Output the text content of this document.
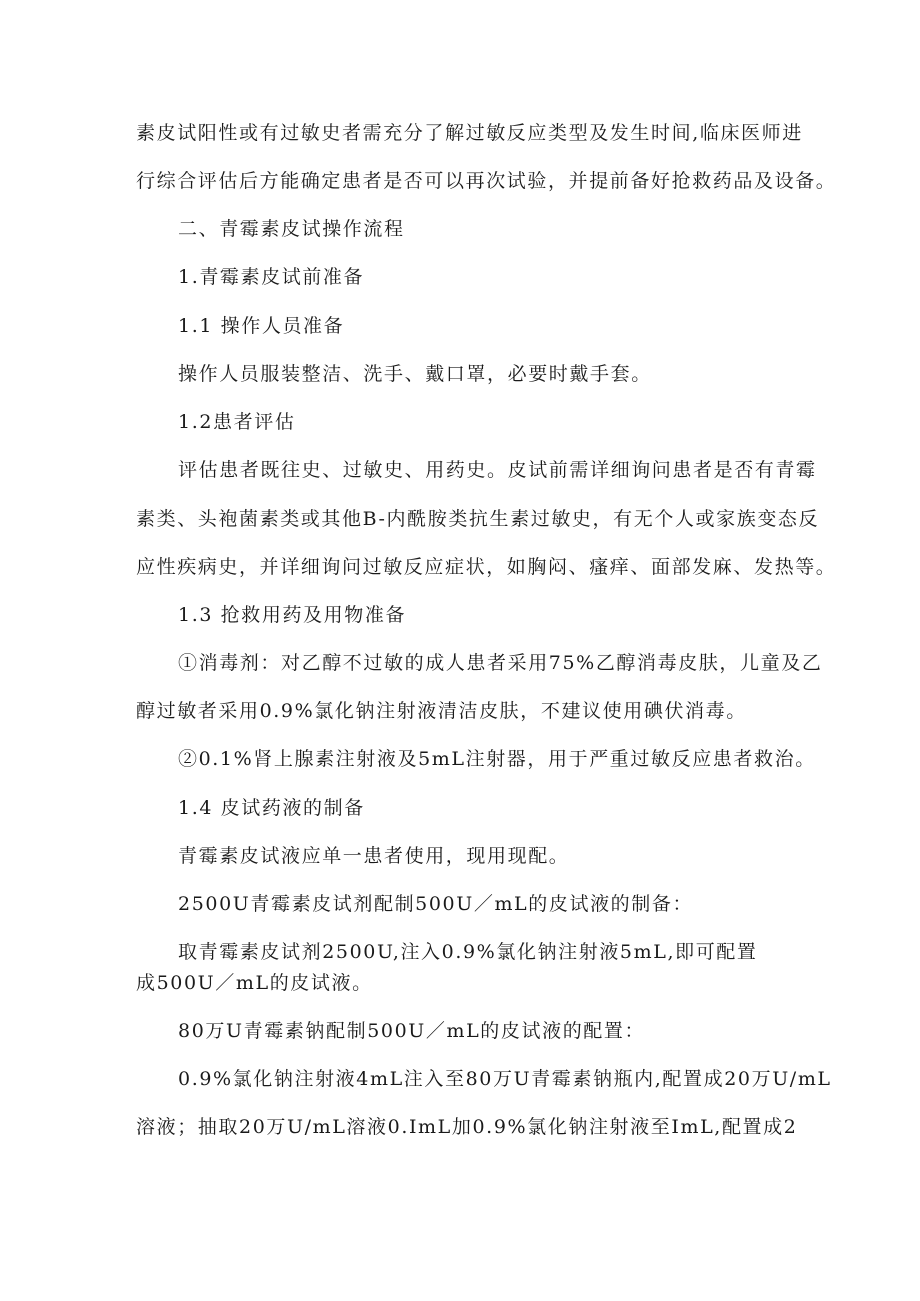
素皮试阳性或有过敏史者需充分了解过敏反应类型及发生时间,临床医师进
行综合评估后方能确定患者是否可以再次试验，并提前备好抢救药品及设备。
二、青霉素皮试操作流程
1.青霉素皮试前准备
1.1 操作人员准备
操作人员服装整洁、洗手、戴口罩，必要时戴手套。
1.2患者评估
评估患者既往史、过敏史、用药史。皮试前需详细询问患者是否有青霉
素类、头袍菌素类或其他B-内酰胺类抗生素过敏史，有无个人或家族变态反
应性疾病史，并详细询问过敏反应症状，如胸闷、瘙痒、面部发麻、发热等。
1.3 抢救用药及用物准备
①消毒剂：对乙醇不过敏的成人患者采用75%乙醇消毒皮肤，儿童及乙
醇过敏者采用0.9%氯化钠注射液清洁皮肤，不建议使用碘伏消毒。
②0.1%肾上腺素注射液及5mL注射器，用于严重过敏反应患者救治。
1.4 皮试药液的制备
青霉素皮试液应单一患者使用，现用现配。
2500U青霉素皮试剂配制500U／mL的皮试液的制备：
取青霉素皮试剂2500U,注入0.9%氯化钠注射液5mL,即可配置
成500U／mL的皮试液。
80万U青霉素钠配制500U／mL的皮试液的配置：
0.9%氯化钠注射液4mL注入至80万U青霉素钠瓶内,配置成20万U/mL
溶液；抽取20万U/mL溶液0.ImL加0.9%氯化钠注射液至ImL,配置成2
